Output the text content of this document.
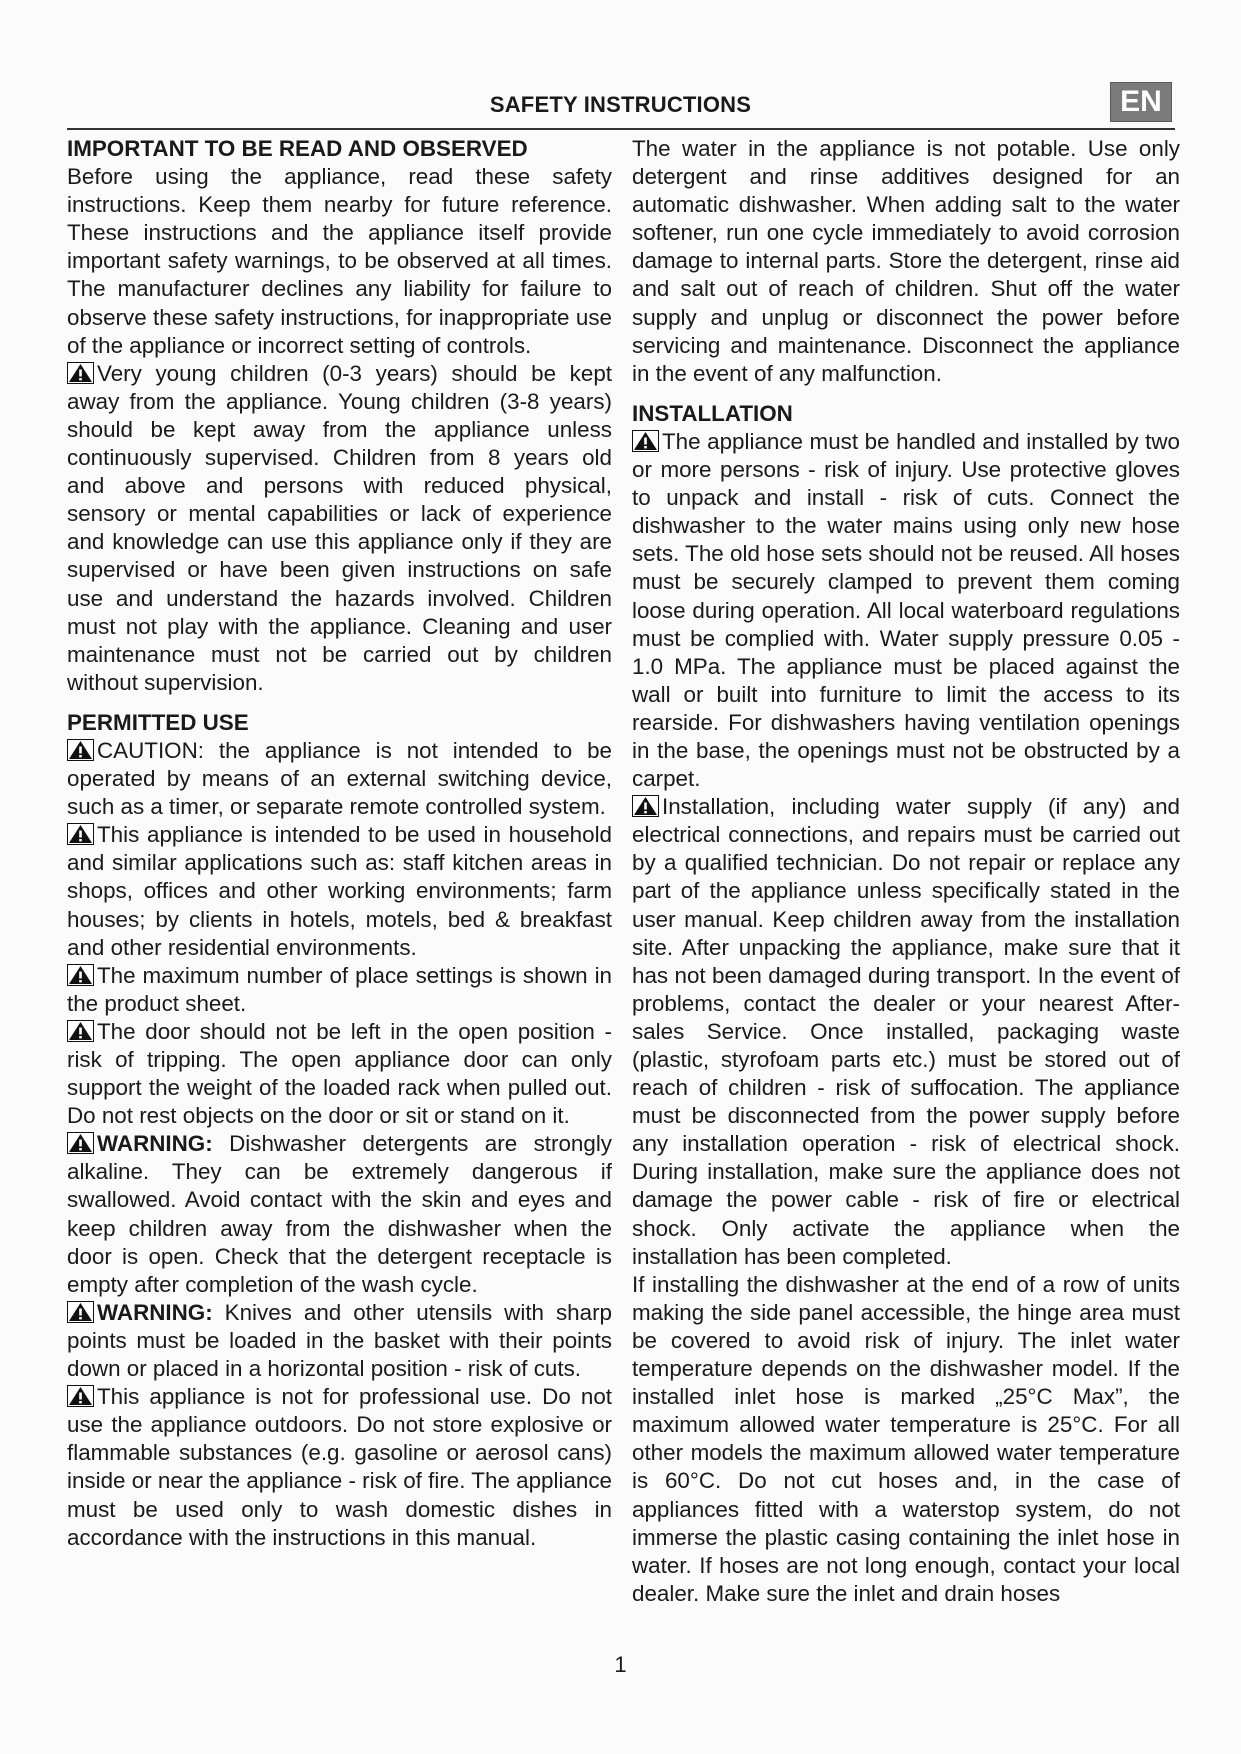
SAFETY INSTRUCTIONS	EN
IMPORTANT TO BE READ AND OBSERVED

Before using the appliance, read these safety instructions. Keep them nearby for future reference. These instructions and the appliance itself provide important safety warnings, to be observed at all times. The manufacturer declines any liability for failure to observe these safety instructions, for inappropriate use of the appliance or incorrect setting of controls.

Very young children (0-3 years) should be kept away from the appliance. Young children (3-8 years) should be kept away from the appliance unless continuously supervised. Children from 8 years old and above and persons with reduced physical, sensory or mental capabilities or lack of experience and knowledge can use this appliance only if they are supervised or have been given instructions on safe use and understand the hazards involved. Children must not play with the appliance. Cleaning and user maintenance must not be carried out by children without supervision.

PERMITTED USE

CAUTION: the appliance is not intended to be operated by means of an external switching device, such as a timer, or separate remote controlled system.

This appliance is intended to be used in household and similar applications such as: staff kitchen areas in shops, offices and other working environments; farm houses; by clients in hotels, motels, bed & breakfast and other residential environments.

The maximum number of place settings is shown in the product sheet.

The door should not be left in the open position - risk of tripping. The open appliance door can only support the weight of the loaded rack when pulled out. Do not rest objects on the door or sit or stand on it.

WARNING: Dishwasher detergents are strongly alkaline. They can be extremely dangerous if swallowed. Avoid contact with the skin and eyes and keep children away from the dishwasher when the door is open. Check that the detergent receptacle is empty after completion of the wash cycle.

WARNING: Knives and other utensils with sharp points must be loaded in the basket with their points down or placed in a horizontal position - risk of cuts.

This appliance is not for professional use. Do not use the appliance outdoors. Do not store explosive or flammable substances (e.g. gasoline or aerosol cans) inside or near the appliance - risk of fire. The appliance must be used only to wash domestic dishes in accordance with the instructions in this manual.

The water in the appliance is not potable. Use only detergent and rinse additives designed for an automatic dishwasher. When adding salt to the water softener, run one cycle immediately to avoid corrosion damage to internal parts. Store the detergent, rinse aid and salt out of reach of children. Shut off the water supply and unplug or disconnect the power before servicing and maintenance. Disconnect the appliance in the event of any malfunction.

INSTALLATION

The appliance must be handled and installed by two or more persons - risk of injury. Use protective gloves to unpack and install - risk of cuts. Connect the dishwasher to the water mains using only new hose sets. The old hose sets should not be reused. All hoses must be securely clamped to prevent them coming loose during operation. All local waterboard regulations must be complied with. Water supply pressure 0.05 - 1.0 MPa. The appliance must be placed against the wall or built into furniture to limit the access to its rearside. For dishwashers having ventilation openings in the base, the openings must not be obstructed by a carpet.

Installation, including water supply (if any) and electrical connections, and repairs must be carried out by a qualified technician. Do not repair or replace any part of the appliance unless specifically stated in the user manual. Keep children away from the installation site. After unpacking the appliance, make sure that it has not been damaged during transport. In the event of problems, contact the dealer or your nearest After-sales Service. Once installed, packaging waste (plastic, styrofoam parts etc.) must be stored out of reach of children - risk of suffocation. The appliance must be disconnected from the power supply before any installation operation - risk of electrical shock. During installation, make sure the appliance does not damage the power cable - risk of fire or electrical shock. Only activate the appliance when the installation has been completed.

If installing the dishwasher at the end of a row of units making the side panel accessible, the hinge area must be covered to avoid risk of injury. The inlet water temperature depends on the dishwasher model. If the installed inlet hose is marked „25°C Max”, the maximum allowed water temperature is 25°C. For all other models the maximum allowed water temperature is 60°C. Do not cut hoses and, in the case of appliances fitted with a waterstop system, do not immerse the plastic casing containing the inlet hose in water. If hoses are not long enough, contact your local dealer. Make sure the inlet and drain hoses

1
